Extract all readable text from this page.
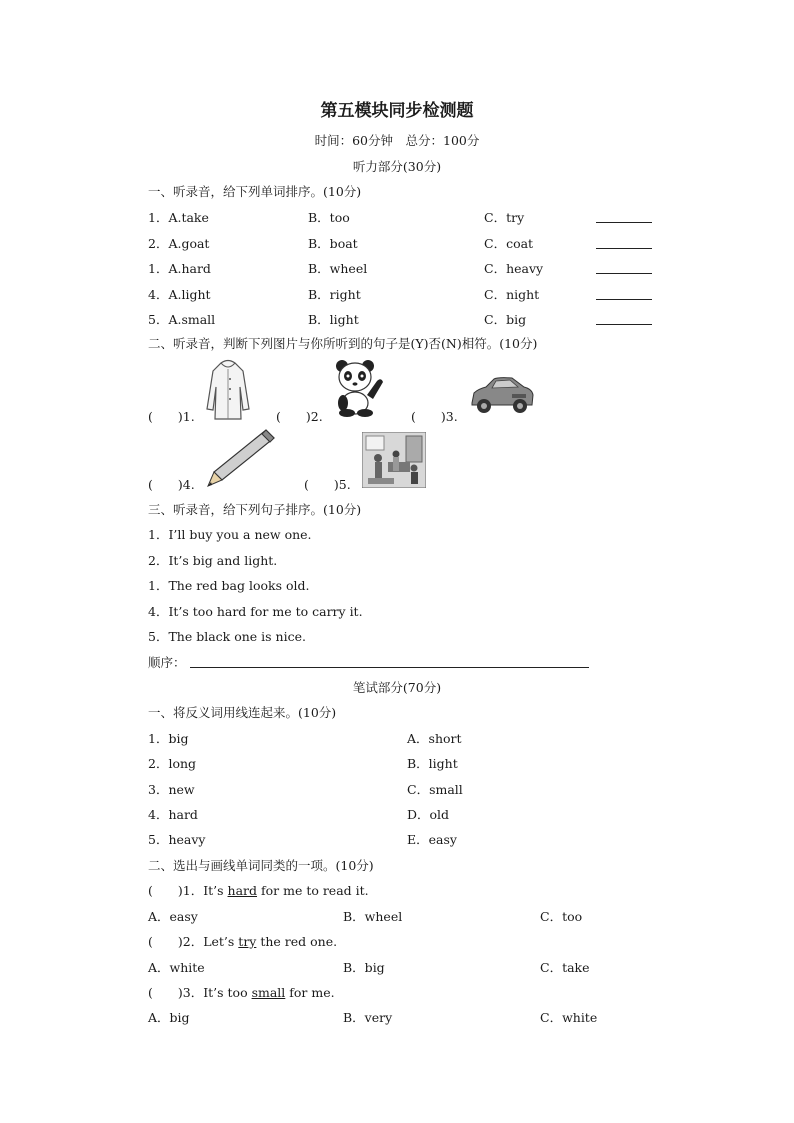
第五模块同步检测题
时间：60分钟　总分：100分
听力部分(30分)
一、听录音，给下列单词排序。(10分)
1．A.take	B．too	C．try
2．A.goat	B．boat	C．coat
1．A.hard	B．wheel	C．heavy
4．A.light	B．right	C．night
5．A.small	B．light	C．big
二、听录音，判断下列图片与你所听到的句子是(Y)否(N)相符。(10分)
(　　)1.	(　　)2.	(　　)3.
(　　)4.	(　　)5.
三、听录音，给下列句子排序。(10分)
1．I’ll buy you a new one.
2．It’s big and light.
1．The red bag looks old.
4．It’s too hard for me to carry it.
5．The black one is nice.
顺序：
笔试部分(70分)
一、将反义词用线连起来。(10分)
1．big	A．short
2．long	B．light
3．new	C．small
4．hard	D．old
5．heavy	E．easy
二、选出与画线单词同类的一项。(10分)
(　　)1．It’s hard for me to read it.
A．easy	B．wheel	C．too
(　　)2．Let’s try the red one.
A．white	B．big	C．take
(　　)3．It’s too small for me.
A．big	B．very	C．white
